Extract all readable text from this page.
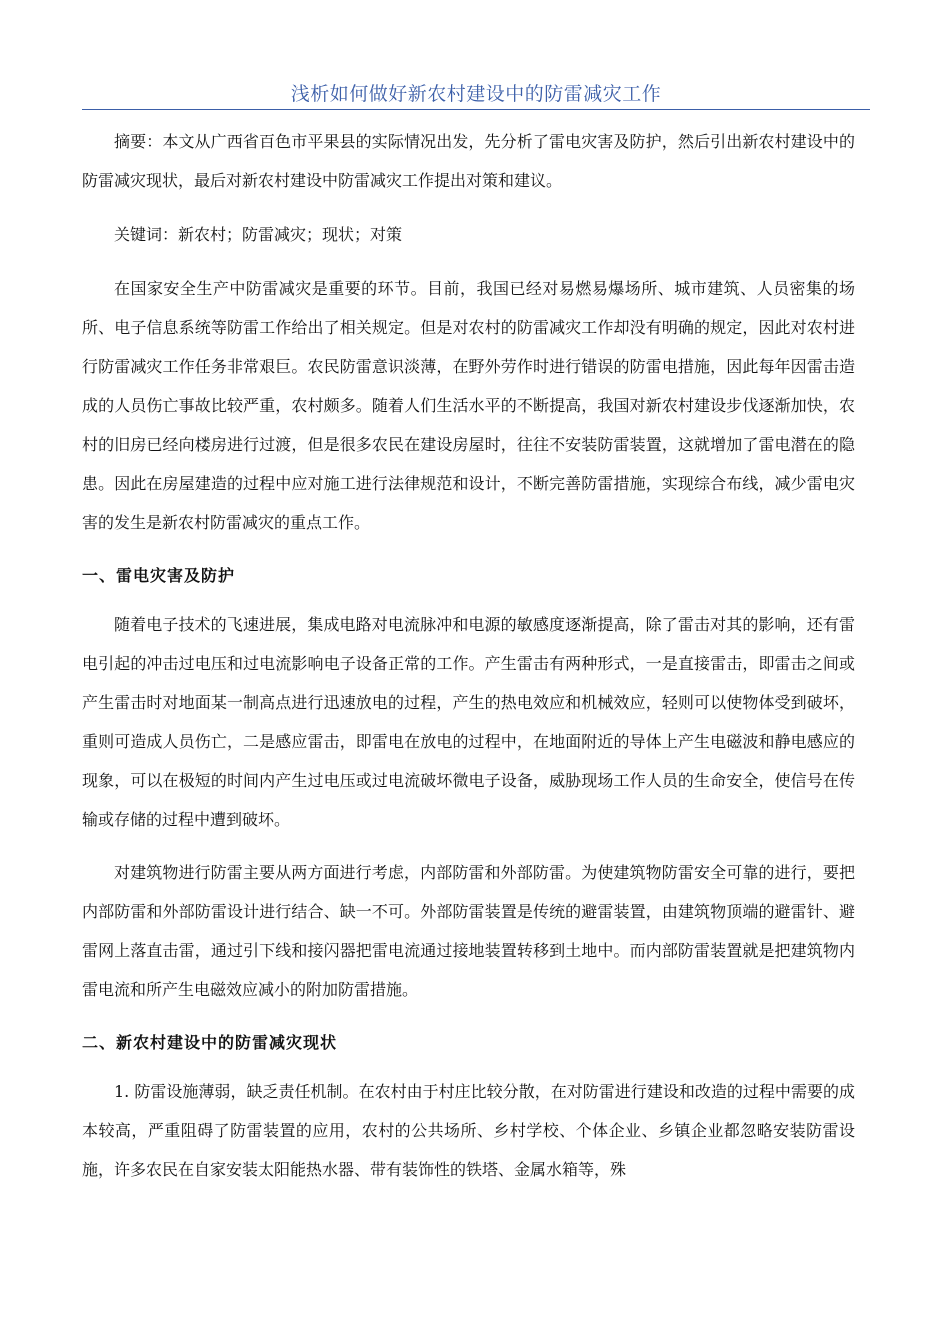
浅析如何做好新农村建设中的防雷减灾工作

摘要：本文从广西省百色市平果县的实际情况出发，先分析了雷电灾害及防护，然后引出新农村建设中的防雷减灾现状，最后对新农村建设中防雷减灾工作提出对策和建议。

关键词：新农村；防雷减灾；现状；对策

在国家安全生产中防雷减灾是重要的环节。目前，我国已经对易燃易爆场所、城市建筑、人员密集的场所、电子信息系统等防雷工作给出了相关规定。但是对农村的防雷减灾工作却没有明确的规定，因此对农村进行防雷减灾工作任务非常艰巨。农民防雷意识淡薄，在野外劳作时进行错误的防雷电措施，因此每年因雷击造成的人员伤亡事故比较严重，农村颇多。随着人们生活水平的不断提高，我国对新农村建设步伐逐渐加快，农村的旧房已经向楼房进行过渡，但是很多农民在建设房屋时，往往不安装防雷装置，这就增加了雷电潜在的隐患。因此在房屋建造的过程中应对施工进行法律规范和设计，不断完善防雷措施，实现综合布线，减少雷电灾害的发生是新农村防雷减灾的重点工作。

一、雷电灾害及防护

随着电子技术的飞速进展，集成电路对电流脉冲和电源的敏感度逐渐提高，除了雷击对其的影响，还有雷电引起的冲击过电压和过电流影响电子设备正常的工作。产生雷击有两种形式，一是直接雷击，即雷击之间或产生雷击时对地面某一制高点进行迅速放电的过程，产生的热电效应和机械效应，轻则可以使物体受到破坏，重则可造成人员伤亡，二是感应雷击，即雷电在放电的过程中，在地面附近的导体上产生电磁波和静电感应的现象，可以在极短的时间内产生过电压或过电流破坏微电子设备，威胁现场工作人员的生命安全，使信号在传输或存储的过程中遭到破坏。

对建筑物进行防雷主要从两方面进行考虑，内部防雷和外部防雷。为使建筑物防雷安全可靠的进行，要把内部防雷和外部防雷设计进行结合、缺一不可。外部防雷装置是传统的避雷装置，由建筑物顶端的避雷针、避雷网上落直击雷，通过引下线和接闪器把雷电流通过接地装置转移到土地中。而内部防雷装置就是把建筑物内雷电流和所产生电磁效应减小的附加防雷措施。

二、新农村建设中的防雷减灾现状

1. 防雷设施薄弱，缺乏责任机制。在农村由于村庄比较分散，在对防雷进行建设和改造的过程中需要的成本较高，严重阻碍了防雷装置的应用，农村的公共场所、乡村学校、个体企业、乡镇企业都忽略安装防雷设施，许多农民在自家安装太阳能热水器、带有装饰性的铁塔、金属水箱等，殊
